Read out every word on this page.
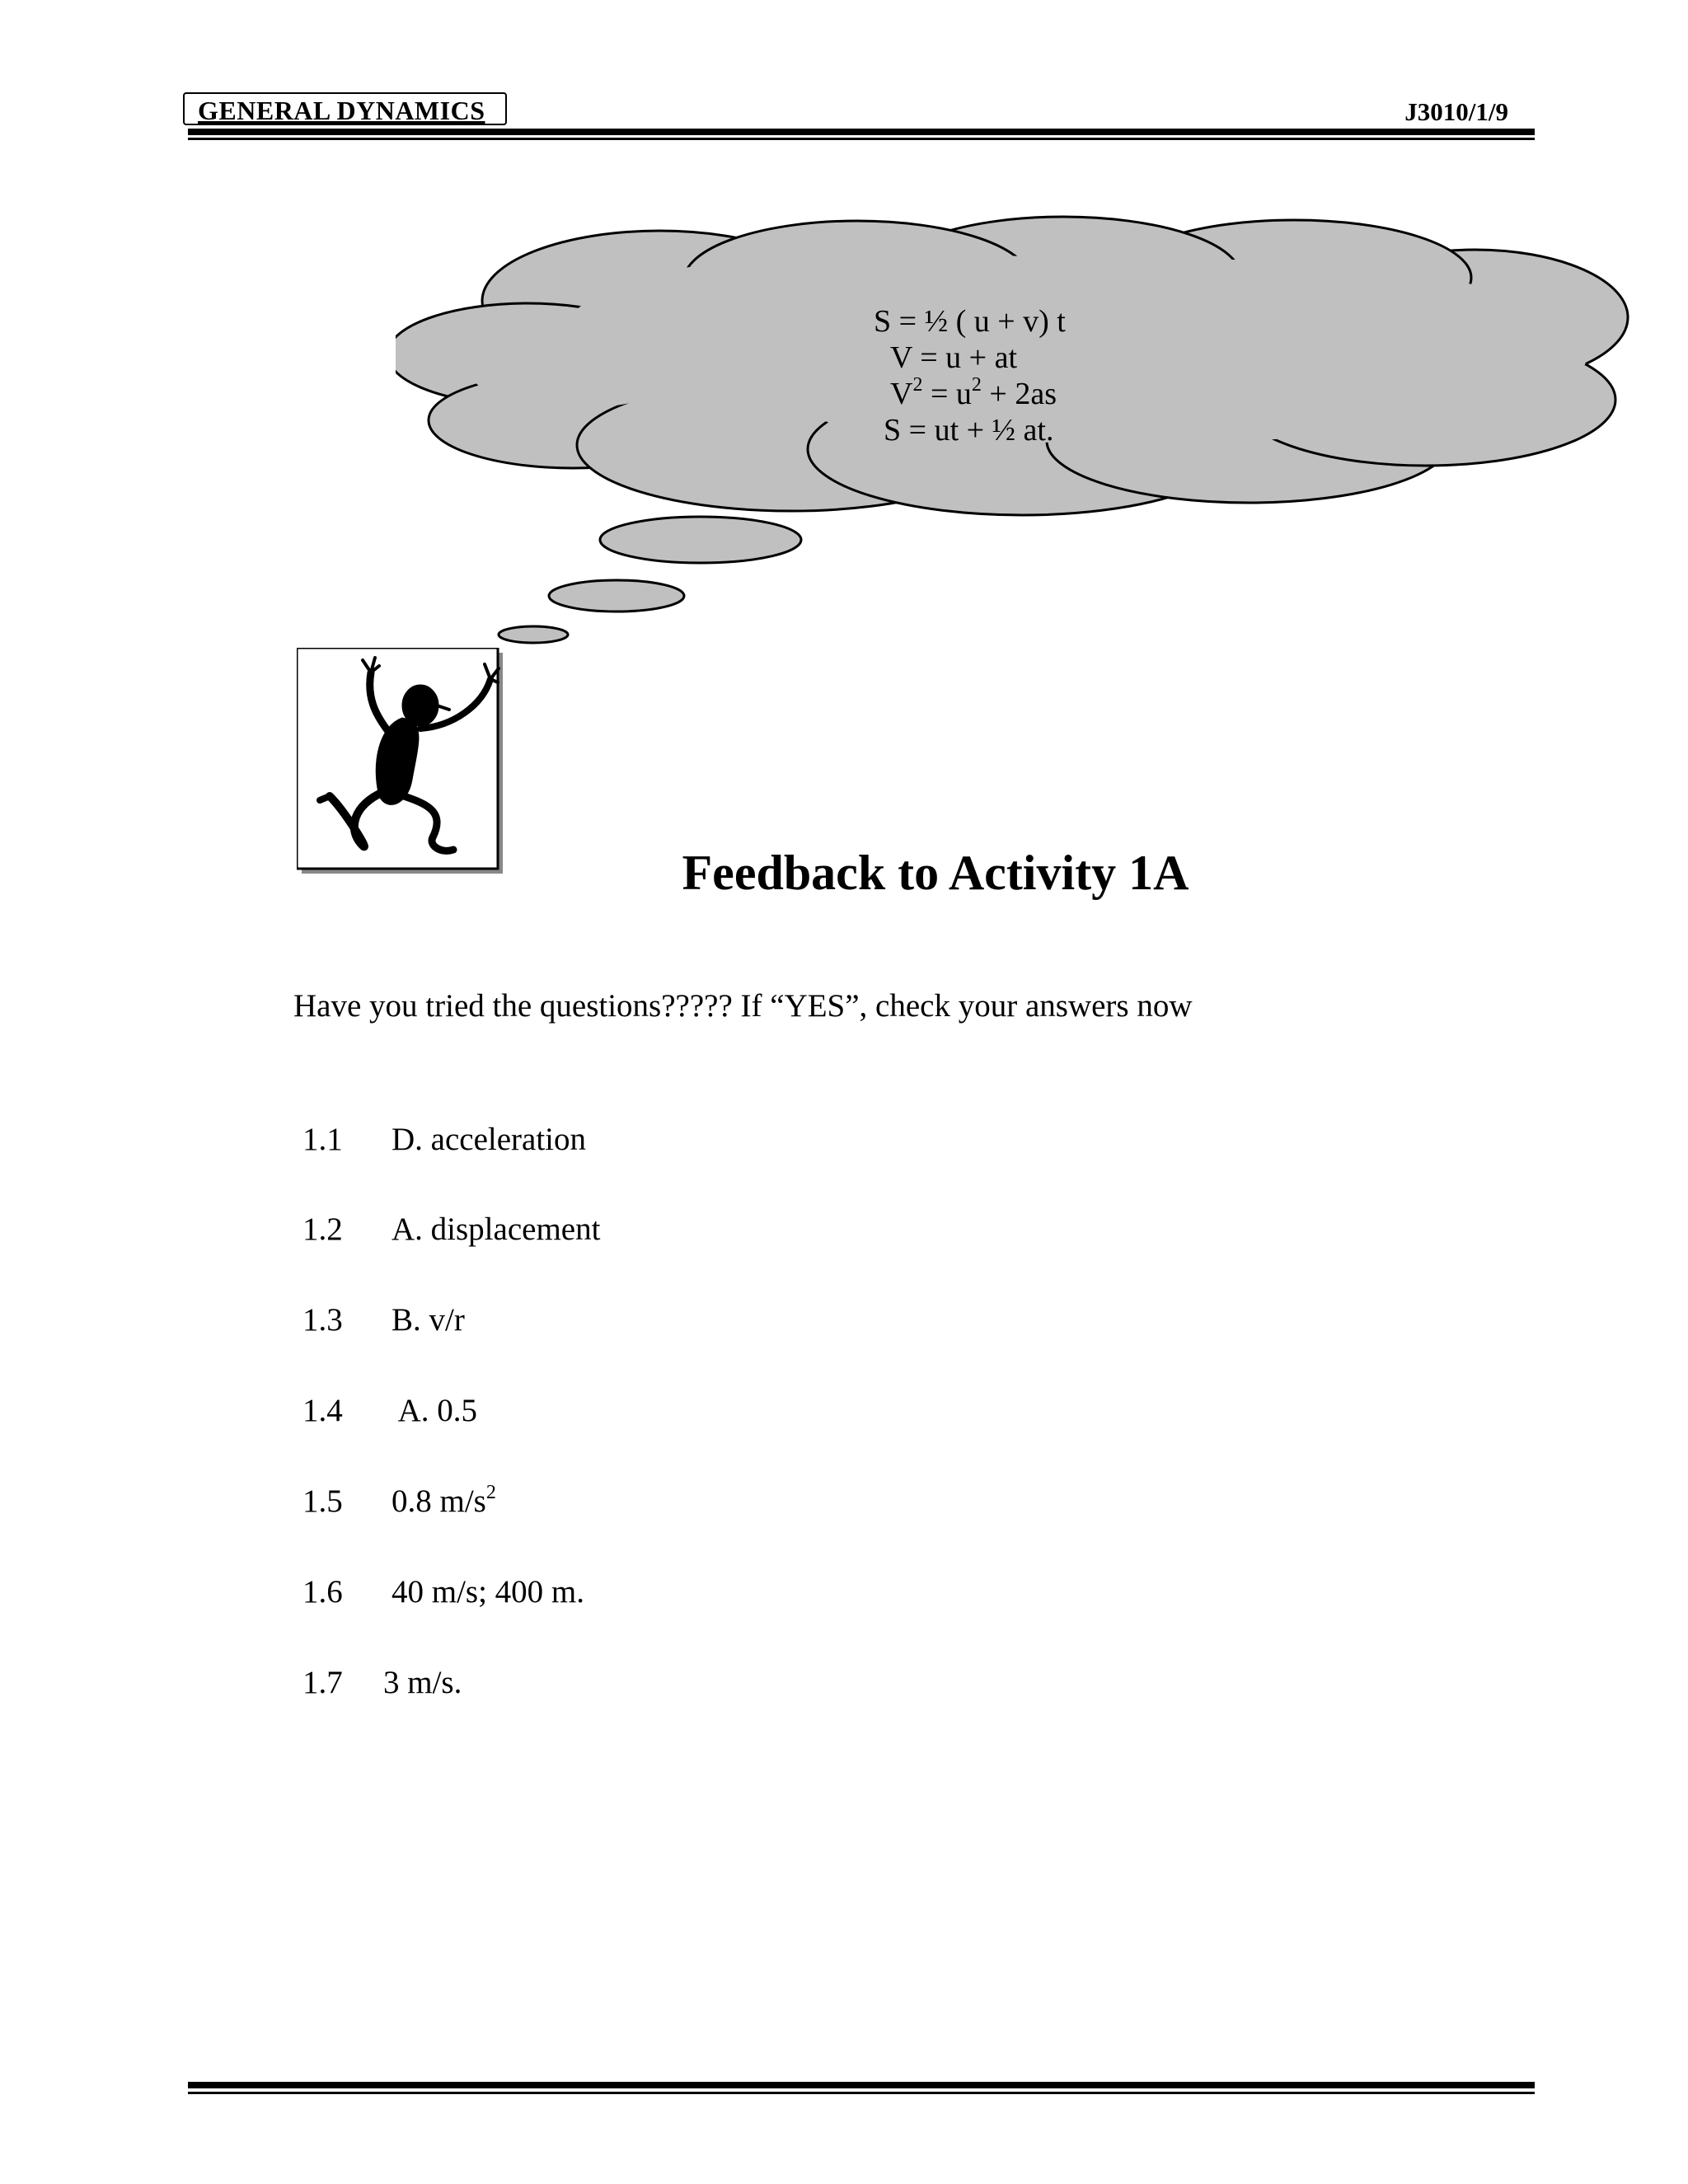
GENERAL DYNAMICS	J3010/1/9
S = ½ ( u + v) t
V = u + at
$V^2 = u^2 + 2as$
S = ut + ½ at.
Feedback to Activity 1A
Have you tried the questions????? If “YES”, check your answers now
1.1 D. acceleration
1.2 A. displacement
1.3 B. v/r
1.4 A. 0.5
1.5 0.8 $m/s^2$
1.6 40 m/s; 400 m.
1.7 3 m/s.
